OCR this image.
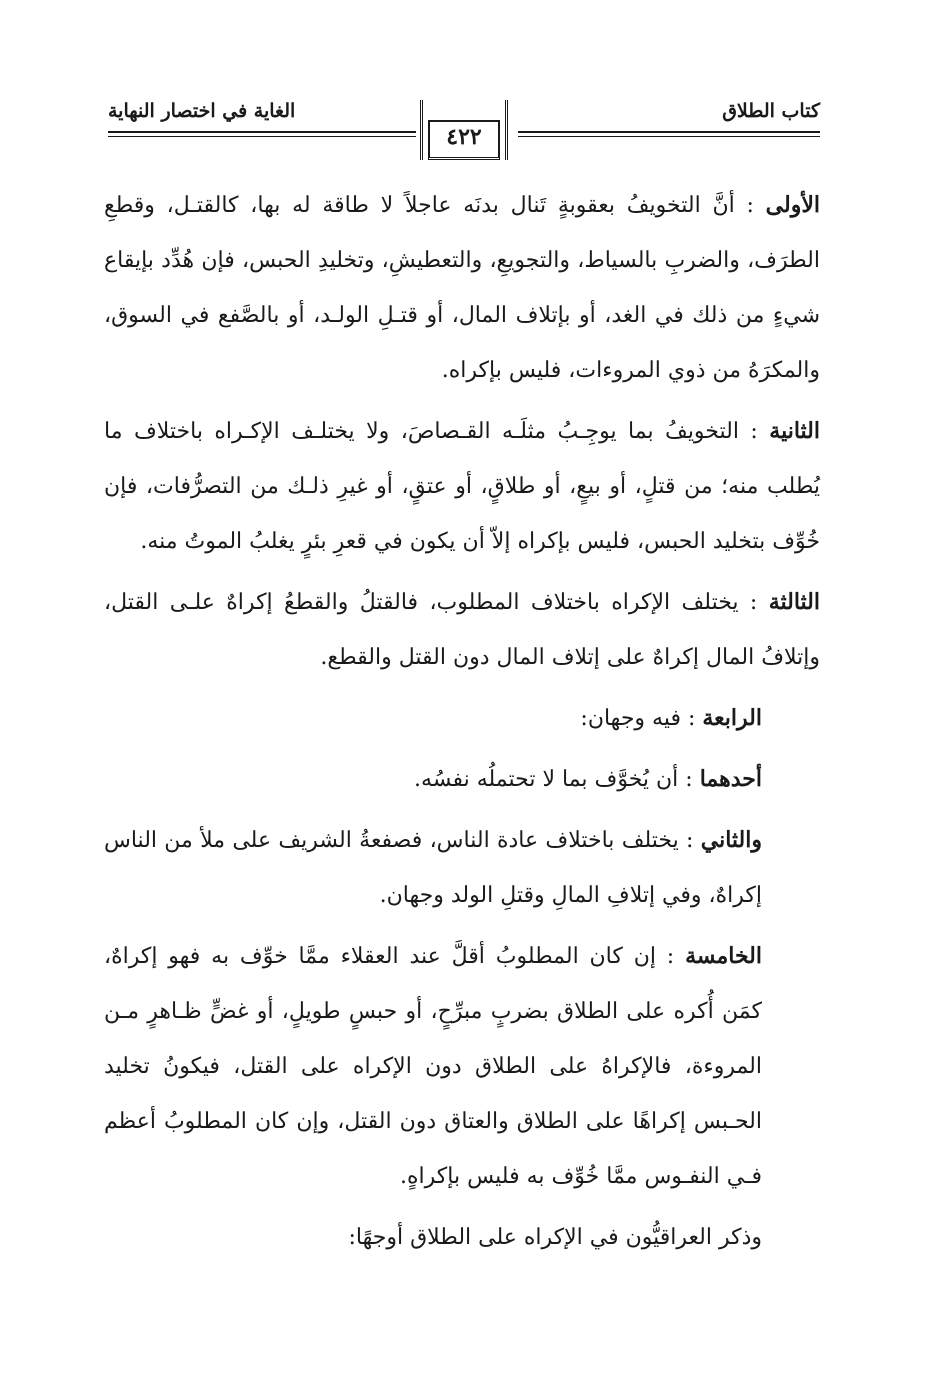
كتاب الطلاق
الغاية في اختصار النهاية
٤٢٢

الأولى : أنَّ التخويفُ بعقوبةٍ تَنال بدنَه عاجلاً لا طاقة له بها، كالقتـل، وقطعِ الطرَف، والضربِ بالسياط، والتجويعِ، والتعطيشِ، وتخليدِ الحبس، فإن هُدِّد بإيقاع شيءٍ من ذلك في الغد، أو بإتلاف المال، أو قتـلِ الولـد، أو بالصَّفع في السوق، والمكرَهُ من ذوي المروءات، فليس بإكراه.

الثانية : التخويفُ بما يوجِـبُ مثلَـه القـصاصَ، ولا يختلـف الإكـراه باختلاف ما يُطلب منه؛ من قتلٍ، أو بيعٍ، أو طلاقٍ، أو عتقٍ، أو غيرِ ذلـك من التصرُّفات، فإن خُوِّف بتخليد الحبس، فليس بإكراه إلاّ أن يكون في قعرِ بئرٍ يغلبُ الموتُ منه.

الثالثة : يختلف الإكراه باختلاف المطلوب، فالقتلُ والقطعُ إكراهٌ علـى القتل، وإتلافُ المال إكراهٌ على إتلاف المال دون القتل والقطع.

الرابعة : فيه وجهان:

أحدهما : أن يُخوَّف بما لا تحتملُه نفسُه.

والثاني : يختلف باختلاف عادة الناس، فصفعةُ الشريف على ملأ من الناس إكراهٌ، وفي إتلافِ المالِ وقتلِ الولد وجهان.

الخامسة : إن كان المطلوبُ أقلَّ عند العقلاء ممَّا خوِّف به فهو إكراهٌ، كمَن أُكره على الطلاق بضربٍ مبرِّحٍ، أو حبسٍ طويلٍ، أو غضٍّ ظـاهرٍ مـن المروءة، فالإكراهُ على الطلاق دون الإكراه على القتل، فيكونُ تخليد الحـبس إكراهًا على الطلاق والعتاق دون القتل، وإن كان المطلوبُ أعظم فـي النفـوس ممَّا خُوِّف به فليس بإكراهٍ.

وذكر العراقيُّون في الإكراه على الطلاق أوجهًا:
